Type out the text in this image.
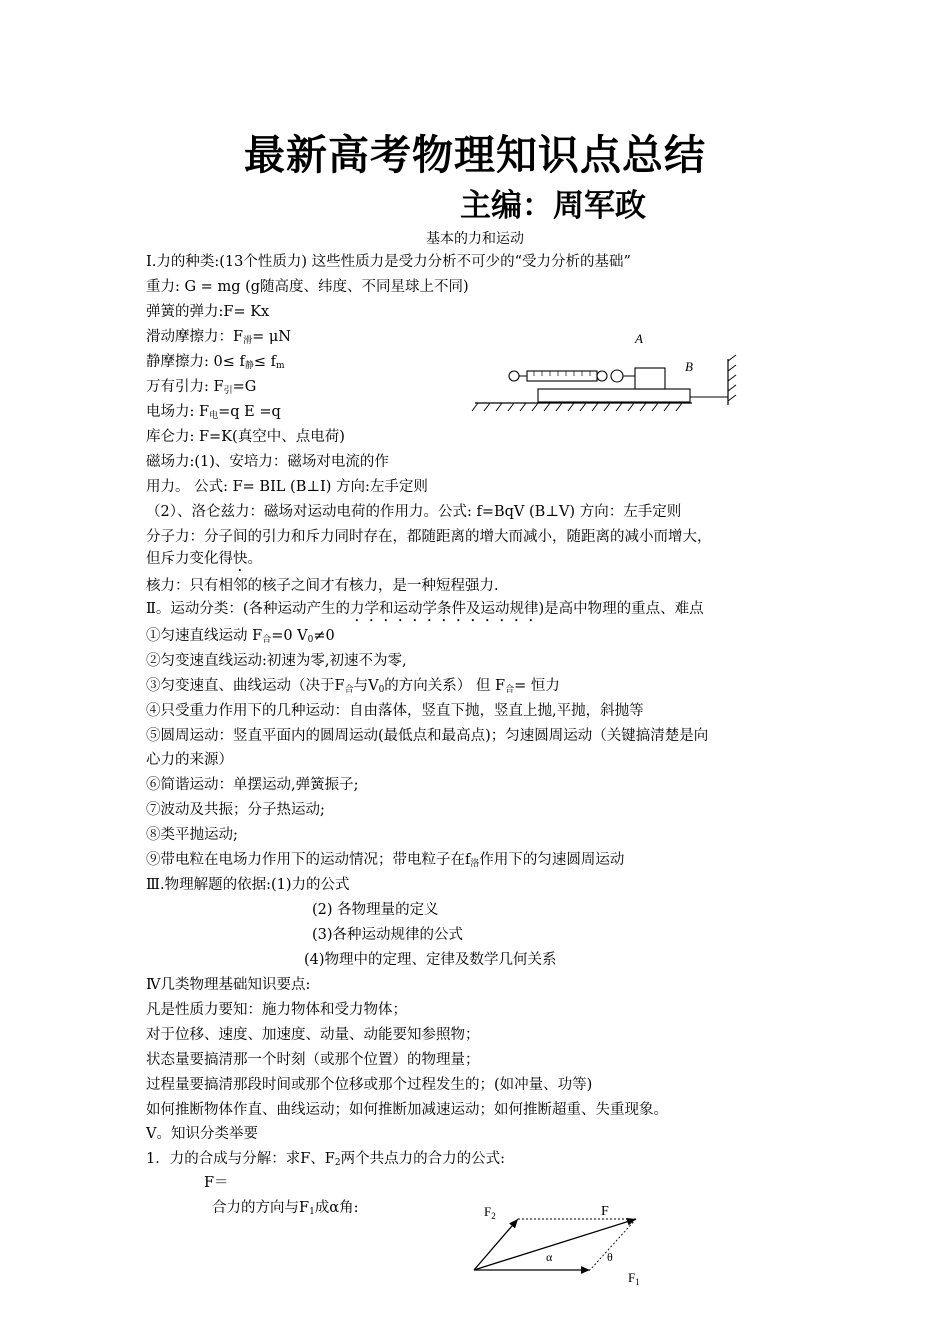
最新高考物理知识点总结
主编：周军政
基本的力和运动
Ⅰ.力的种类:(13个性质力) 这些性质力是受力分析不可少的“受力分析的基础”
重力: G = mg (g随高度、纬度、不同星球上不同)
弹簧的弹力:F= Kx
滑动摩擦力：$F_滑= \mu N$
静摩擦力: $0\le f_静\le f_m$
万有引力: $F_引=G$
电场力: $F_电=q$ E =q
库仑力: F=K(真空中、点电荷)
磁场力:(1)、安培力：磁场对电流的作
用力。 公式: F= BIL (B⊥I) 方向:左手定则
（2）、洛仑兹力：磁场对运动电荷的作用力。公式: f=BqV (B⊥V) 方向：左手定则
分子力：分子间的引力和斥力同时存在，都随距离的增大而减小，随距离的减小而增大，
但斥力变化得快。
核力：只有相邻的核子之间才有核力，是一种短程强力.
A
B
Ⅱ。运动分类：(各种运动产生的力学和运动学条件及运动规律)是高中物理的重点、难点
①匀速直线运动 $F_合=0$ $V_0\ne 0$
②匀变速直线运动:初速为零,初速不为零,
③匀变速直、曲线运动（决于$F_合$与$V_0$的方向关系） 但 $F_合=$ 恒力
④只受重力作用下的几种运动：自由落体，竖直下抛，竖直上抛,平抛，斜抛等
⑤圆周运动：竖直平面内的圆周运动(最低点和最高点)；匀速圆周运动（关键搞清楚是向
心力的来源）
⑥简谐运动：单摆运动,弹簧振子;
⑦波动及共振；分子热运动;
⑧类平抛运动;
⑨带电粒在电场力作用下的运动情况；带电粒子在$f_洛$作用下的匀速圆周运动
Ⅲ.物理解题的依据:(1)力的公式
(2) 各物理量的定义
(3)各种运动规律的公式
(4)物理中的定理、定律及数学几何关系
Ⅳ几类物理基础知识要点:
凡是性质力要知：施力物体和受力物体；
对于位移、速度、加速度、动量、动能要知参照物；
状态量要搞清那一个时刻（或那个位置）的物理量；
过程量要搞清那段时间或那个位移或那个过程发生的；(如冲量、功等)
如何推断物体作直、曲线运动；如何推断加减速运动；如何推断超重、失重现象。
Ⅴ。知识分类举要
1．力的合成与分解：求F、$F_2$两个共点力的合力的公式:
F＝
合力的方向与$F_1$成α角:	$F_2$	F
$F_1$
α	θ
